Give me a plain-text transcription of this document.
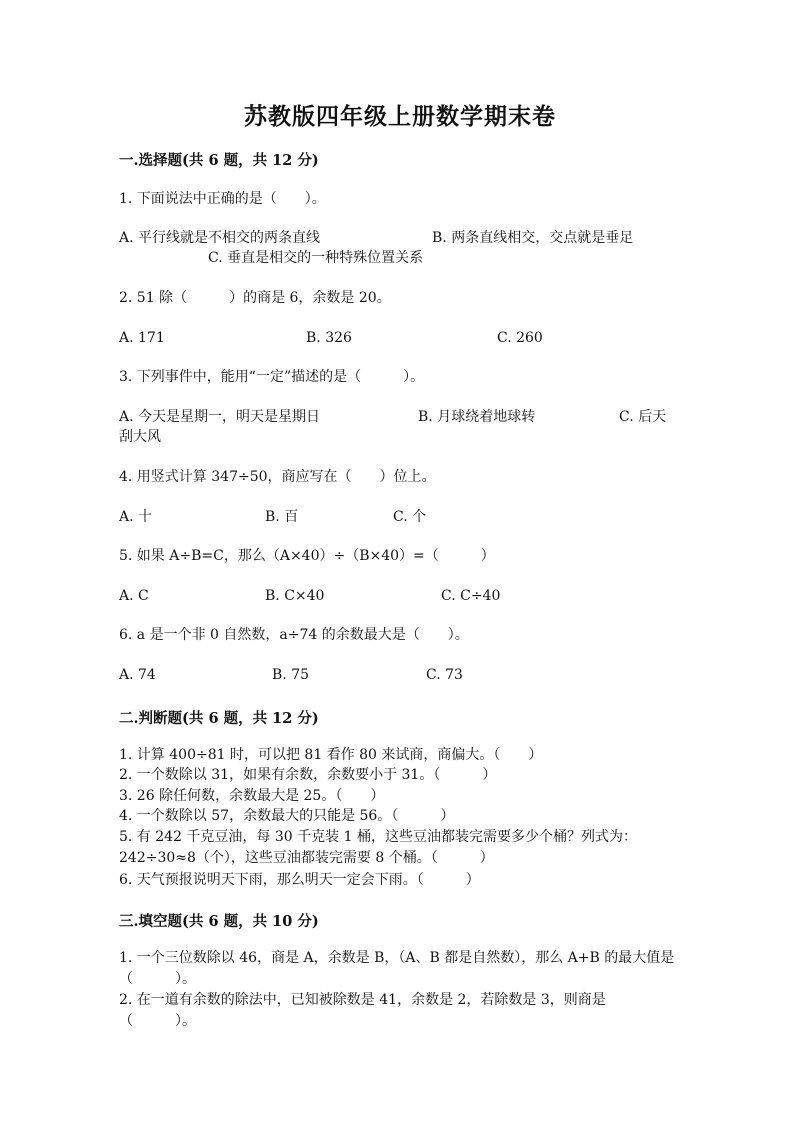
苏教版四年级上册数学期末卷
一.选择题(共 6 题，共 12 分)
1. 下面说法中正确的是（　　）。
A. 平行线就是不相交的两条直线	B. 两条直线相交，交点就是垂足
C. 垂直是相交的一种特殊位置关系
2. 51 除（　　　）的商是 6，余数是 20。
A. 171	B. 326	C. 260
3. 下列事件中，能用“一定”描述的是（　　　）。
A. 今天是星期一，明天是星期日	B. 月球绕着地球转	C. 后天
刮大风
4. 用竖式计算 347÷50，商应写在（　　）位上。
A. 十	B. 百	C. 个
5. 如果 A÷B=C，那么（A×40）÷（B×40）=（　　　）
A. C	B. C×40	C. C÷40
6. a 是一个非 0 自然数，a÷74 的余数最大是（　　）。
A. 74	B. 75	C. 73
二.判断题(共 6 题，共 12 分)
1. 计算 400÷81 时，可以把 81 看作 80 来试商，商偏大。（　　）
2. 一个数除以 31，如果有余数，余数要小于 31。（　　　）
3. 26 除任何数，余数最大是 25。（　　）
4. 一个数除以 57，余数最大的只能是 56。（　　　）
5. 有 242 千克豆油，每 30 千克装 1 桶，这些豆油都装完需要多少个桶？列式为：242÷30≈8（个），这些豆油都装完需要 8 个桶。（　　　）
6. 天气预报说明天下雨，那么明天一定会下雨。（　　　）
三.填空题(共 6 题，共 10 分)
1. 一个三位数除以 46，商是 A，余数是 B，（A、B 都是自然数），那么 A+B 的最大值是（　　　）。
2. 在一道有余数的除法中，已知被除数是 41，余数是 2，若除数是 3，则商是（　　　）。
